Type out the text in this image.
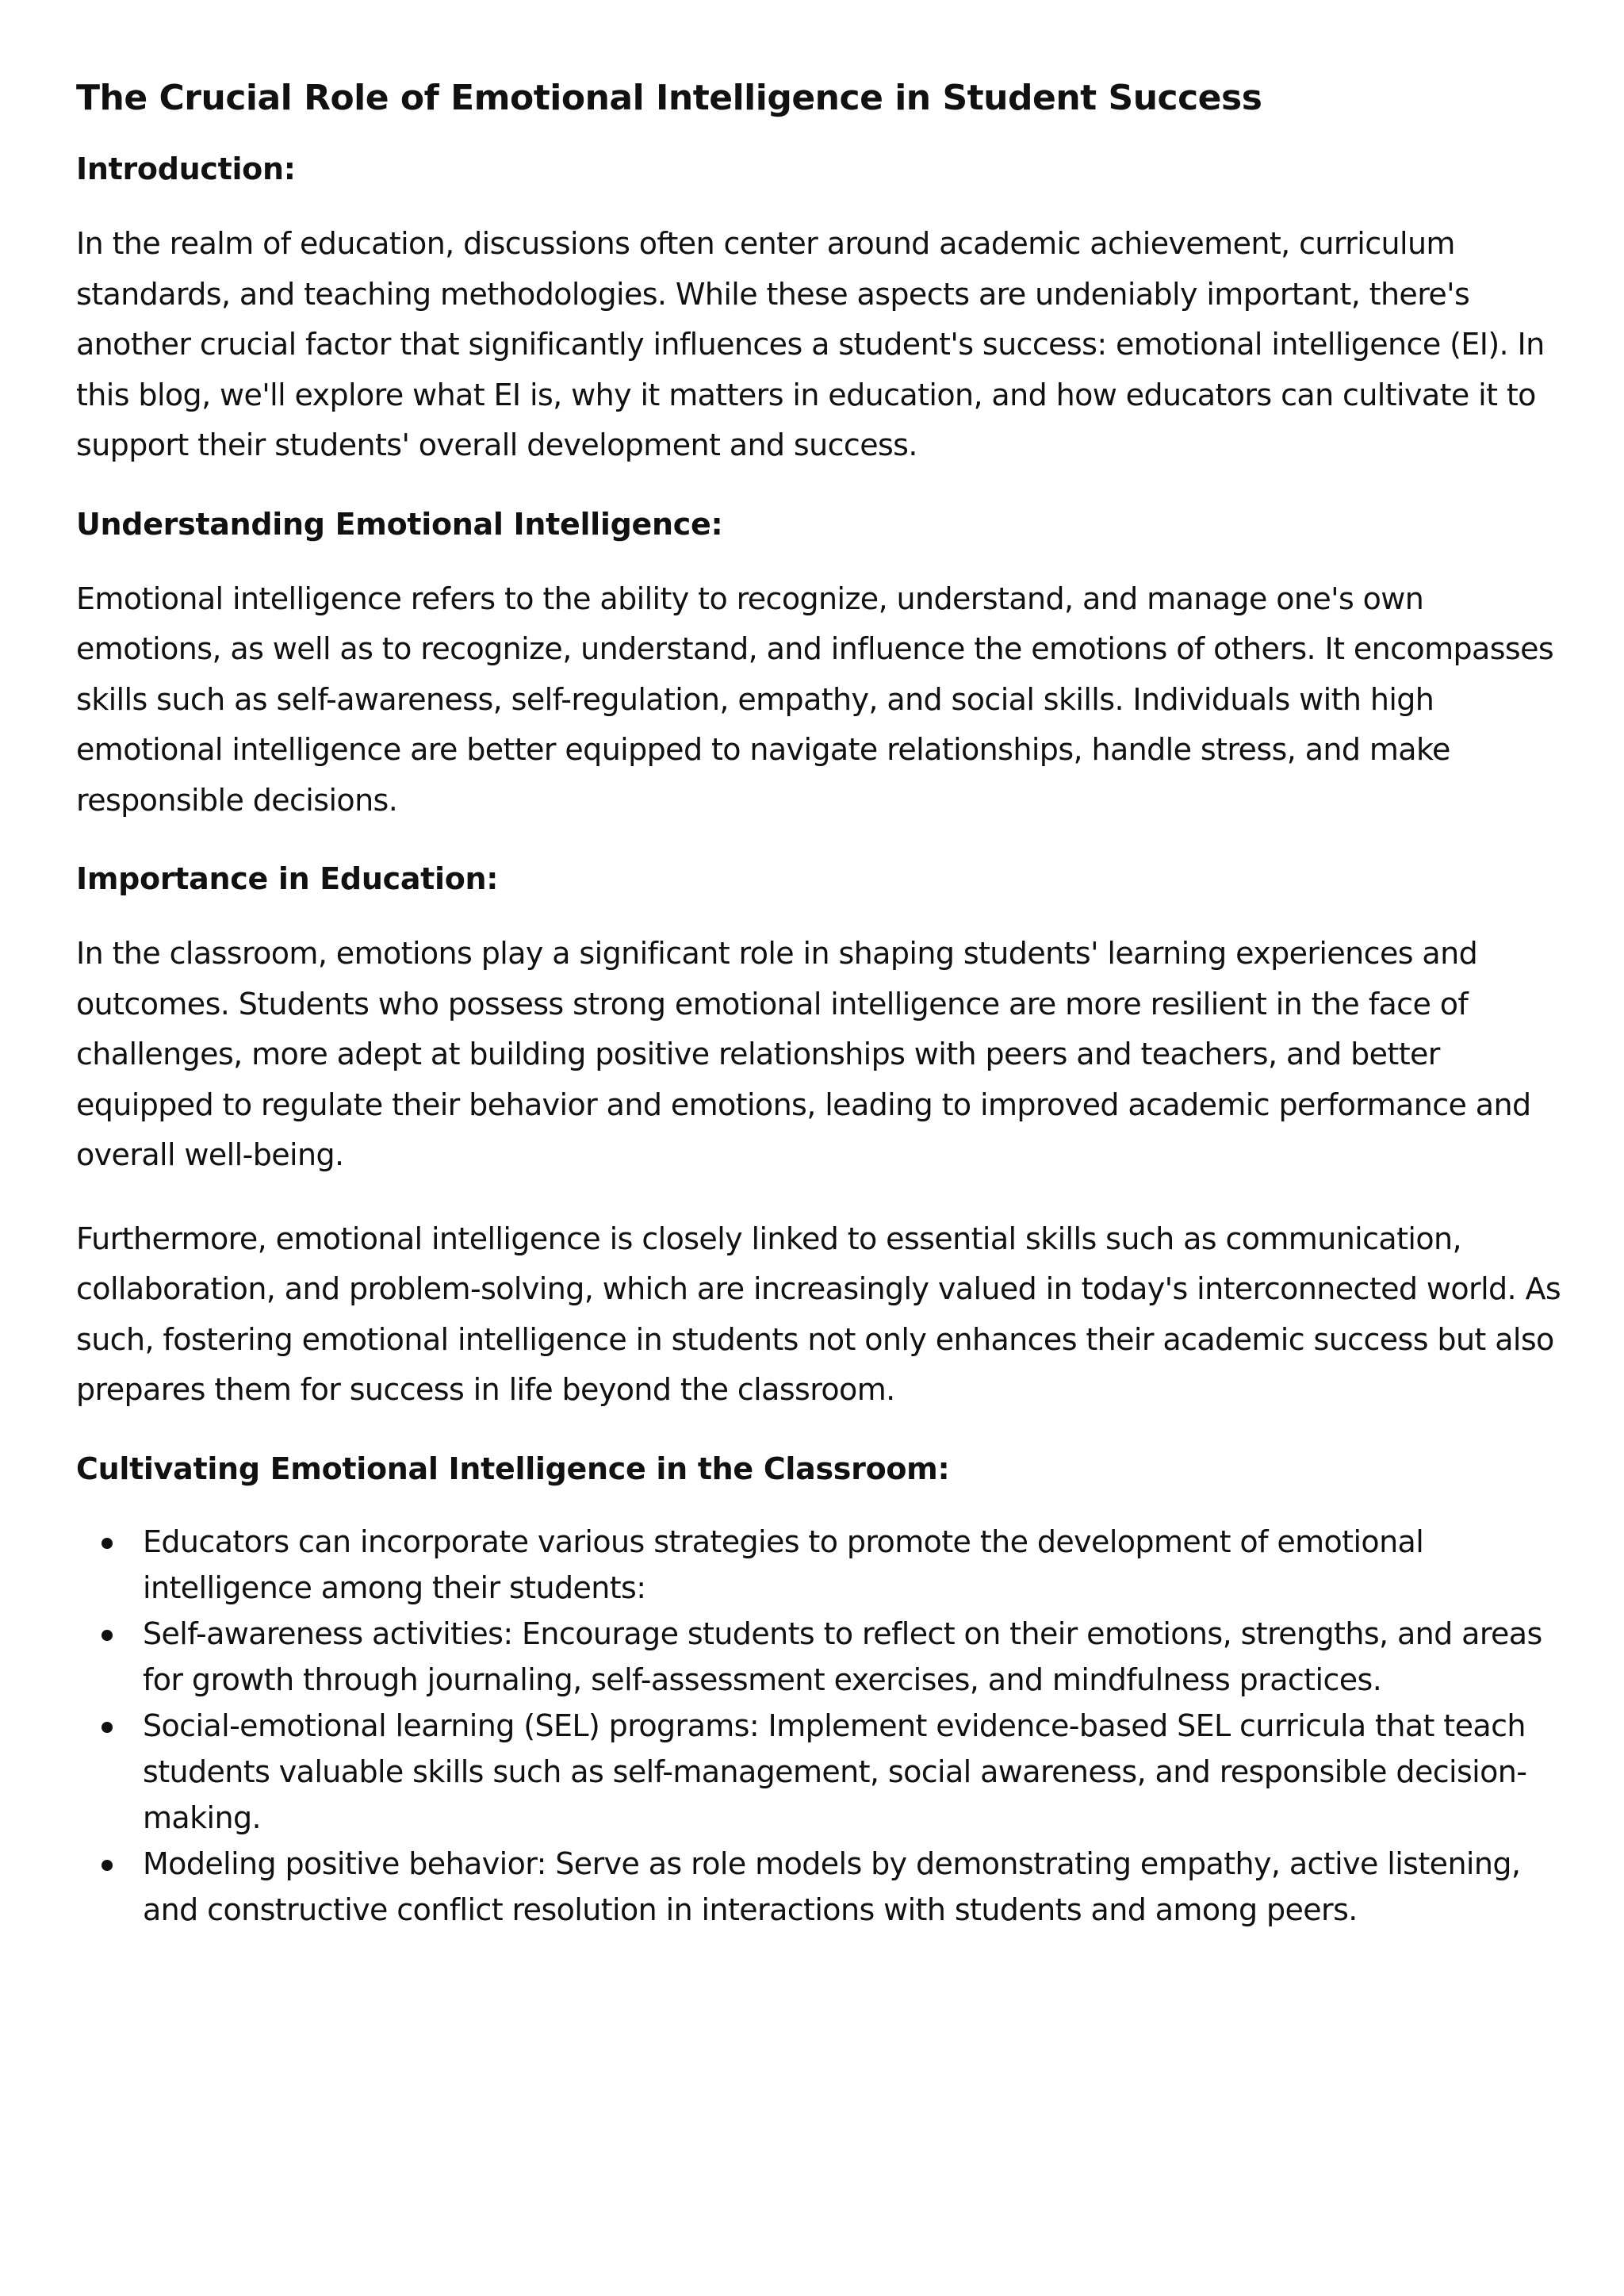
The Crucial Role of Emotional Intelligence in Student Success
Introduction:

In the realm of education, discussions often center around academic achievement, curriculum standards, and teaching methodologies. While these aspects are undeniably important, there's another crucial factor that significantly influences a student's success: emotional intelligence (EI). In this blog, we'll explore what EI is, why it matters in education, and how educators can cultivate it to support their students' overall development and success.

Understanding Emotional Intelligence:

Emotional intelligence refers to the ability to recognize, understand, and manage one's own emotions, as well as to recognize, understand, and influence the emotions of others. It encompasses skills such as self-awareness, self-regulation, empathy, and social skills. Individuals with high emotional intelligence are better equipped to navigate relationships, handle stress, and make responsible decisions.

Importance in Education:

In the classroom, emotions play a significant role in shaping students' learning experiences and outcomes. Students who possess strong emotional intelligence are more resilient in the face of challenges, more adept at building positive relationships with peers and teachers, and better equipped to regulate their behavior and emotions, leading to improved academic performance and overall well-being.

Furthermore, emotional intelligence is closely linked to essential skills such as communication, collaboration, and problem-solving, which are increasingly valued in today's interconnected world. As such, fostering emotional intelligence in students not only enhances their academic success but also prepares them for success in life beyond the classroom.

Cultivating Emotional Intelligence in the Classroom:
Educators can incorporate various strategies to promote the development of emotional intelligence among their students:
Self-awareness activities: Encourage students to reflect on their emotions, strengths, and areas for growth through journaling, self-assessment exercises, and mindfulness practices.
Social-emotional learning (SEL) programs: Implement evidence-based SEL curricula that teach students valuable skills such as self-management, social awareness, and responsible decision-making.
Modeling positive behavior: Serve as role models by demonstrating empathy, active listening, and constructive conflict resolution in interactions with students and among peers.
